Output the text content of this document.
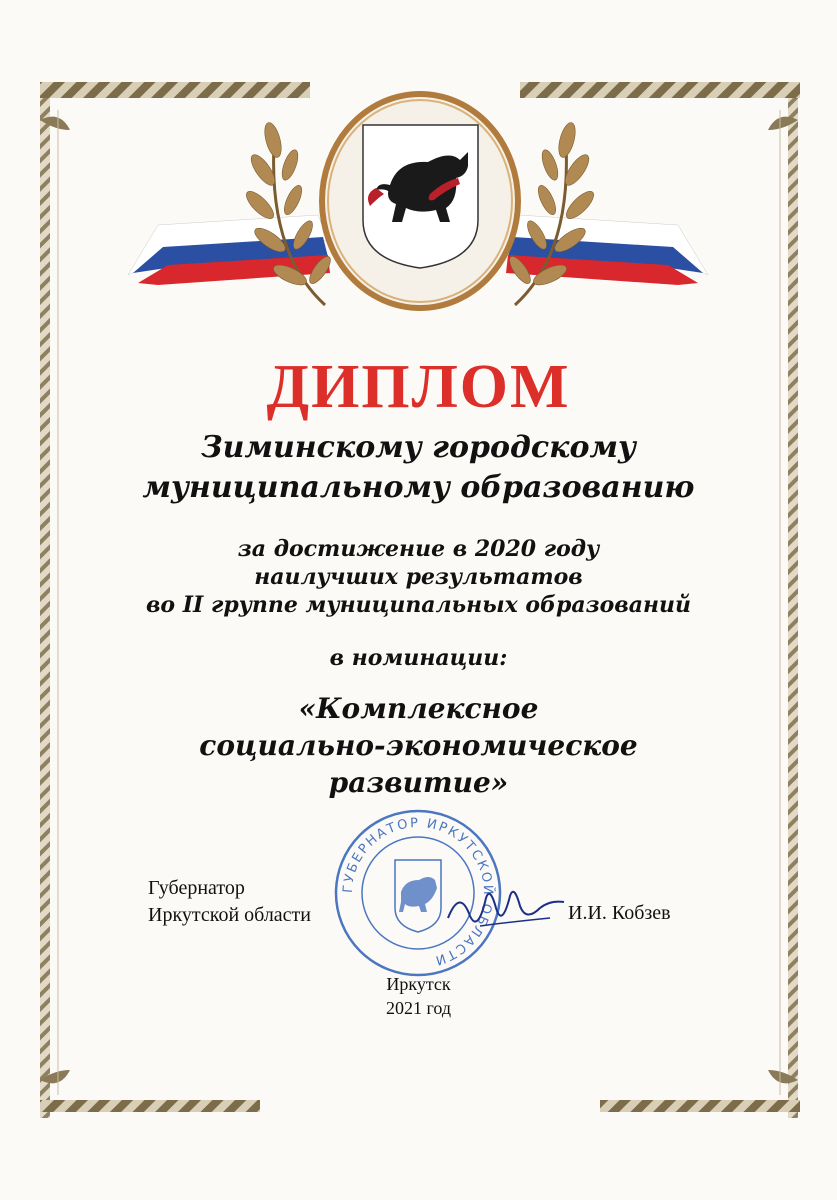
ДИПЛОМ
Зиминскому городскому
муниципальному образованию
за достижение в 2020 году
наилучших результатов
во II группе муниципальных образований
в номинации:
«Комплексное
социально-экономическое
развитие»
ГУБЕРНАТОР ИРКУТСКОЙ ОБЛАСТИ
Губернатор
Иркутской области	И.И. Кобзев
Иркутск
2021 год
